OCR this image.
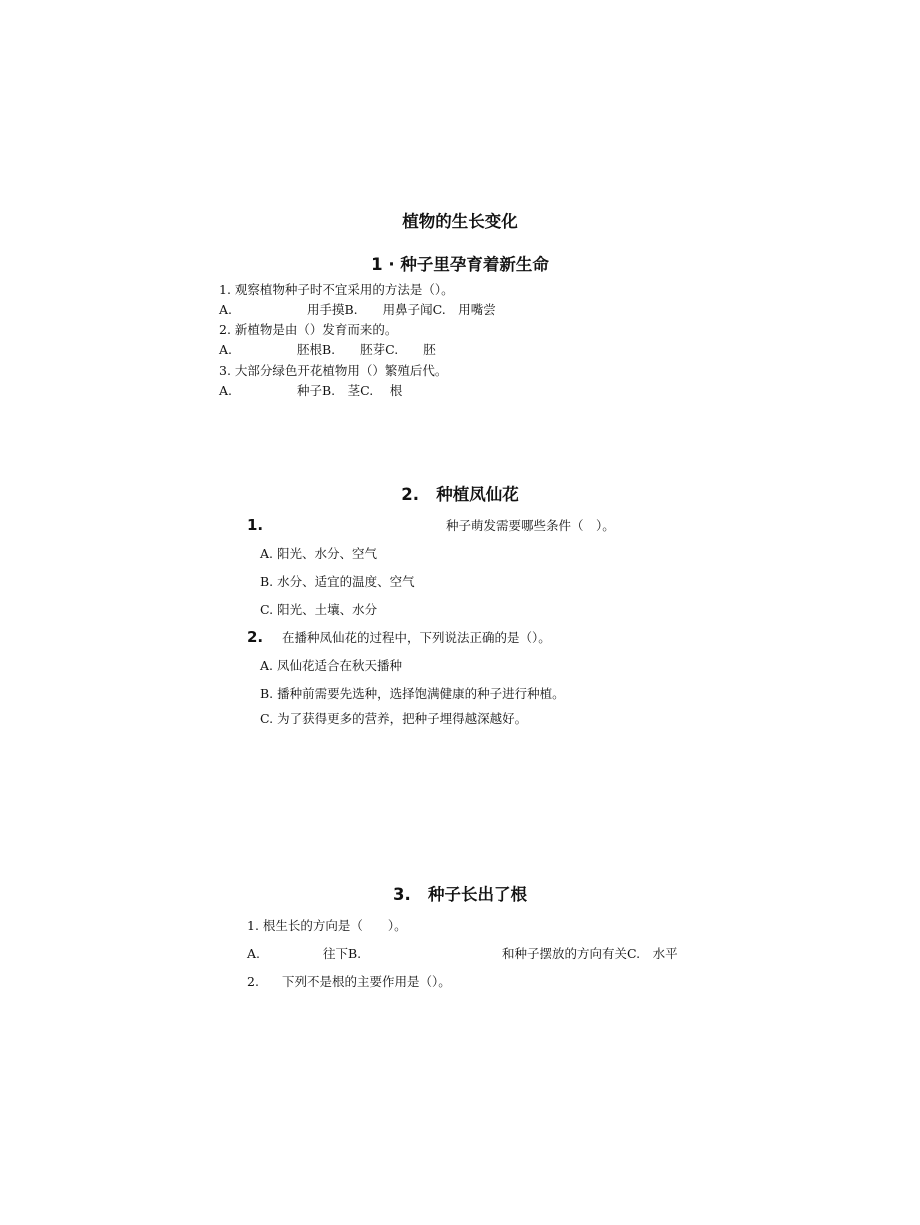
植物的生长变化
1 · 种子里孕育着新生命
1. 观察植物种子时不宜采用的方法是（）。
A.	用手摸B.　　用鼻子闻C.　用嘴尝
2. 新植物是由（）发育而来的。
A.	胚根B.　　胚芽C.　　胚
3. 大部分绿色开花植物用（）繁殖后代。
A.	种子B.　茎C.　 根
2. 种植凤仙花
1.	种子萌发需要哪些条件（　）。
A. 阳光、水分、空气
B. 水分、适宜的温度、空气
C. 阳光、土壤、水分
2. 在播种凤仙花的过程中，下列说法正确的是（）。
A. 凤仙花适合在秋天播种
B. 播种前需要先选种，选择饱满健康的种子进行种植。
C. 为了获得更多的营养，把种子埋得越深越好。
3. 种子长出了根
1. 根生长的方向是（　　）。
A.	往下B.	和种子摆放的方向有关C.　水平
2. 下列不是根的主要作用是（）。
